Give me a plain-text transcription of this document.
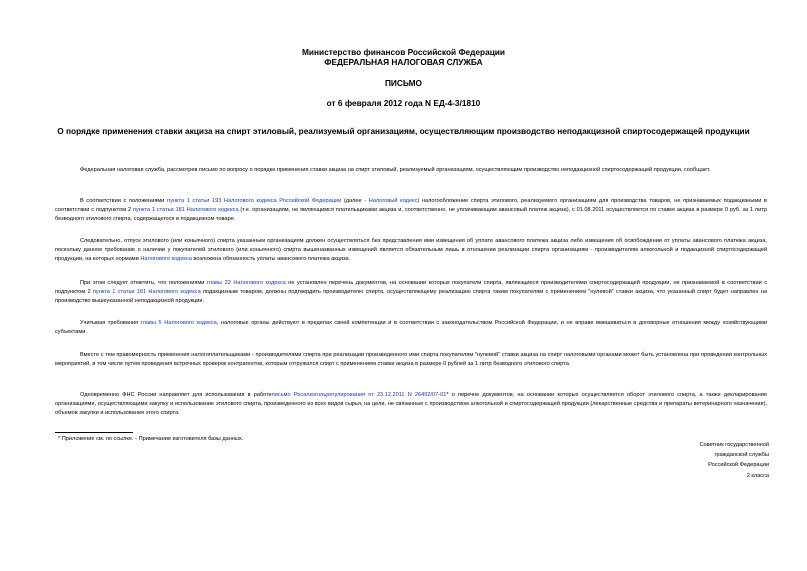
Министерство финансов Российской Федерации
ФЕДЕРАЛЬНАЯ НАЛОГОВАЯ СЛУЖБА
ПИСЬМО
от 6 февраля 2012 года N ЕД-4-3/1810
О порядке применения ставки акциза на спирт этиловый, реализуемый организациям, осуществляющим производство неподакцизной спиртосодержащей продукции
Федеральная налоговая служба, рассмотрев письмо по вопросу о порядке применения ставки акциза на спирт этиловый, реализуемый организациям, осуществляющим производство неподакцизной спиртосодержащей продукции, сообщает.
В соответствии с положениями пункта 1 статьи 193 Налогового кодекса Российской Федерации (далее - Налоговый кодекс) налогообложение спирта этилового, реализуемого организациям для производства товаров, не признаваемых подакцизными в соответствии с подпунктом 2 пункта 1 статьи 181 Налогового кодекса (т.е. организациям, не являющимся плательщиками акциза и, соответственно, не уплачивающим авансовый платеж акциза), с 01.08.2011 осуществляется по ставке акциза в размере 0 руб. за 1 литр безводного этилового спирта, содержащегося в подакцизном товаре.
Следовательно, отпуск этилового (или коньячного) спирта указанным организациям должен осуществляться без представления ими извещения об уплате авансового платежа акциза либо извещения об освобождении от уплаты авансового платежа акциза, поскольку данное требование о наличии у покупателей этилового (или коньячного) спирта вышеназванных извещений является обязательным лишь в отношении реализации спирта организациям - производителям алкогольной и подакцизной спиртосодержащей продукции, на которых нормами Налогового кодекса возложена обязанность уплаты авансового платежа акциза.
При этом следует отметить, что положениями главы 22 Налогового кодекса не установлен перечень документов, на основании которых покупатели спирта, являющиеся производителями спиртосодержащей продукции, не признаваемой в соответствии с подпунктом 2 пункта 1 статьи 181 Налогового кодекса подакцизным товаром, должны подтвердить производителю спирта, осуществляющему реализацию спирта таким покупателям с применением "нулевой" ставки акциза, что указанный спирт будет направлен на производство вышеуказанной неподакцизной продукции.
Учитывая требования главы 5 Налогового кодекса, налоговые органы действуют в пределах своей компетенции и в соответствии с законодательством Российской Федерации, и не вправе вмешиваться в договорные отношения между хозяйствующими субъектами.
Вместе с тем правомерность применения налогоплательщиками - производителями спирта при реализации произведенного ими спирта покупателям "нулевой" ставки акциза на спирт налоговыми органами может быть установлена при проведении контрольных мероприятий, в том числе путем проведения встречных проверок контрагентов, которым отгружался спирт с применением ставки акциза в размере 0 рублей за 1 литр безводного этилового спирта.
Одновременно ФНС России направляет для использования в работеписьмо Росалкогольрегулирования от 23.12.2011 N 26492/07-01* о перечне документов, на основании которых осуществляется оборот этилового спирта, а также декларирование организациями, осуществляющими закупку и использование этилового спирта, произведенного из всех видов сырья, на цели, не связанные с производством алкогольной и спиртосодержащей продукции (лекарственные средства и препараты ветеринарного назначения), объемов закупки и использования этого спирта.
* Приложение см. по ссылке. - Примечание изготовителя базы данных.
Советник государственной
гражданской службы
Российской Федерации
2 класса
